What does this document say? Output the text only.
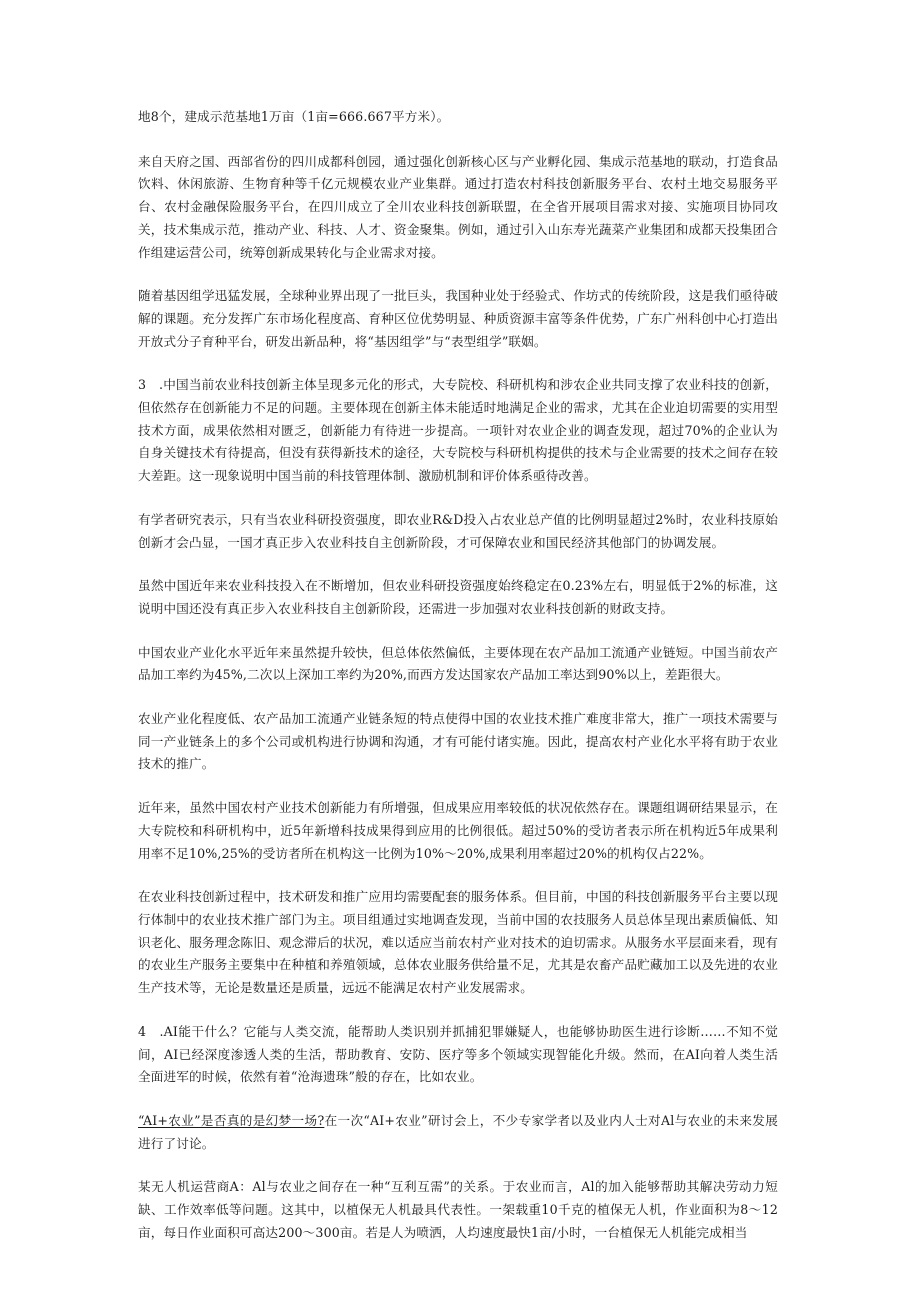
地8个，建成示范基地1万亩（1亩=666.667平方米）。

来自天府之国、西部省份的四川成都科创园，通过强化创新核心区与产业孵化园、集成示范基地的联动，打造食品饮料、休闲旅游、生物育种等千亿元规模农业产业集群。通过打造农村科技创新服务平台、农村土地交易服务平台、农村金融保险服务平台，在四川成立了全川农业科技创新联盟，在全省开展项目需求对接、实施项目协同攻关，技术集成示范，推动产业、科技、人才、资金聚集。例如，通过引入山东寿光蔬菜产业集团和成都天投集团合作组建运营公司，统筹创新成果转化与企业需求对接。

随着基因组学迅猛发展，全球种业界出现了一批巨头，我国种业处于经验式、作坊式的传统阶段，这是我们亟待破解的课题。充分发挥广东市场化程度高、育种区位优势明显、种质资源丰富等条件优势，广东广州科创中心打造出开放式分子育种平台，研发出新品种，将“基因组学”与“表型组学”联姻。

3　.中国当前农业科技创新主体呈现多元化的形式，大专院校、科研机构和涉农企业共同支撑了农业科技的创新，但依然存在创新能力不足的问题。主要体现在创新主体未能适时地满足企业的需求，尤其在企业迫切需要的实用型技术方面，成果依然相对匮乏，创新能力有待进一步提高。一项针对农业企业的调查发现，超过70%的企业认为自身关键技术有待提高，但没有获得新技术的途径，大专院校与科研机构提供的技术与企业需要的技术之间存在较大差距。这一现象说明中国当前的科技管理体制、激励机制和评价体系亟待改善。

有学者研究表示，只有当农业科研投资强度，即农业R&D投入占农业总产值的比例明显超过2%时，农业科技原始创新才会凸显，一国才真正步入农业科技自主创新阶段，才可保障农业和国民经济其他部门的协调发展。

虽然中国近年来农业科技投入在不断增加，但农业科研投资强度始终稳定在0.23%左右，明显低于2%的标准，这说明中国还没有真正步入农业科技自主创新阶段，还需进一步加强对农业科技创新的财政支持。

中国农业产业化水平近年来虽然提升较快，但总体依然偏低，主要体现在农产品加工流通产业链短。中国当前农产品加工率约为45%,二次以上深加工率约为20%,而西方发达国家农产品加工率达到90%以上，差距很大。

农业产业化程度低、农产品加工流通产业链条短的特点使得中国的农业技术推广难度非常大，推广一项技术需要与同一产业链条上的多个公司或机构进行协调和沟通，才有可能付诸实施。因此，提高农村产业化水平将有助于农业技术的推广。

近年来，虽然中国农村产业技术创新能力有所增强，但成果应用率较低的状况依然存在。课题组调研结果显示，在大专院校和科研机构中，近5年新增科技成果得到应用的比例很低。超过50%的受访者表示所在机构近5年成果利用率不足10%,25%的受访者所在机构这一比例为10%～20%,成果利用率超过20%的机构仅占22%。

在农业科技创新过程中，技术研发和推广应用均需要配套的服务体系。但目前，中国的科技创新服务平台主要以现行体制中的农业技术推广部门为主。项目组通过实地调查发现，当前中国的农技服务人员总体呈现出素质偏低、知识老化、服务理念陈旧、观念滞后的状况，难以适应当前农村产业对技术的迫切需求。从服务水平层面来看，现有的农业生产服务主要集中在种植和养殖领域，总体农业服务供给量不足，尤其是农畜产品贮藏加工以及先进的农业生产技术等，无论是数量还是质量，远远不能满足农村产业发展需求。

4　.AI能干什么？它能与人类交流，能帮助人类识别并抓捕犯罪嫌疑人，也能够协助医生进行诊断……不知不觉间，AI已经深度渗透人类的生活，帮助教育、安防、医疗等多个领域实现智能化升级。然而，在AI向着人类生活全面进军的时候，依然有着“沧海遗珠”般的存在，比如农业。

“AI+农业”是否真的是幻梦一场?在一次“AI+农业”研讨会上，不少专家学者以及业内人士对Al与农业的未来发展进行了讨论。

某无人机运营商A：Al与农业之间存在一种“互利互需”的关系。于农业而言，Al的加入能够帮助其解决劳动力短缺、工作效率低等问题。这其中，以植保无人机最具代表性。一架载重10千克的植保无人机，作业面积为8～12亩，每日作业面积可高达200～300亩。若是人为喷洒，人均速度最快1亩/小时，一台植保无人机能完成相当
